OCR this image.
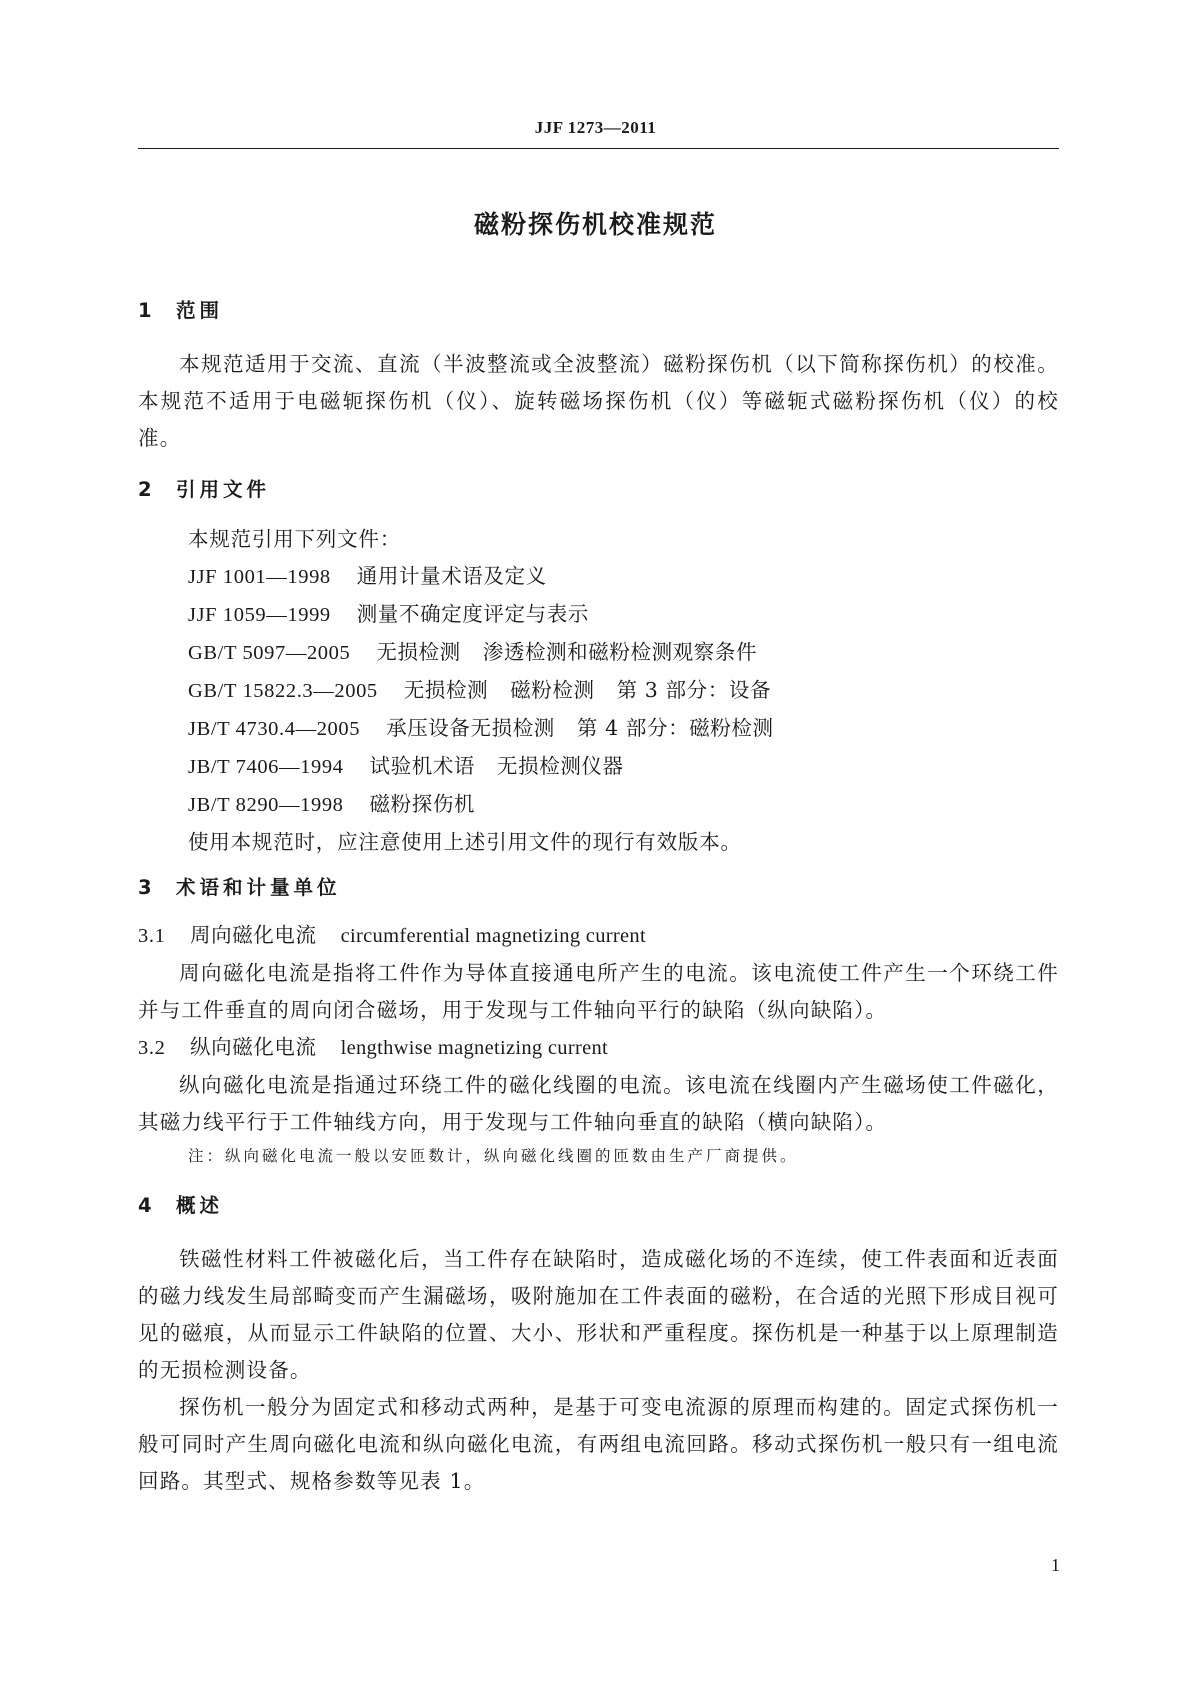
JJF 1273—2011
磁粉探伤机校准规范
1 范围

本规范适用于交流、直流（半波整流或全波整流）磁粉探伤机（以下简称探伤机）的校准。本规范不适用于电磁轭探伤机（仪）、旋转磁场探伤机（仪）等磁轭式磁粉探伤机（仪）的校准。

2 引用文件
本规范引用下列文件：
JJF 1001—1998 通用计量术语及定义
JJF 1059—1999 测量不确定度评定与表示
GB/T 5097—2005 无损检测 渗透检测和磁粉检测观察条件
GB/T 15822.3—2005 无损检测 磁粉检测 第 3 部分：设备
JB/T 4730.4—2005 承压设备无损检测 第 4 部分：磁粉检测
JB/T 7406—1994 试验机术语 无损检测仪器
JB/T 8290—1998 磁粉探伤机
使用本规范时，应注意使用上述引用文件的现行有效版本。
3 术语和计量单位
3.1 周向磁化电流 circumferential magnetizing current

周向磁化电流是指将工件作为导体直接通电所产生的电流。该电流使工件产生一个环绕工件并与工件垂直的周向闭合磁场，用于发现与工件轴向平行的缺陷（纵向缺陷）。

3.2 纵向磁化电流 lengthwise magnetizing current

纵向磁化电流是指通过环绕工件的磁化线圈的电流。该电流在线圈内产生磁场使工件磁化，其磁力线平行于工件轴线方向，用于发现与工件轴向垂直的缺陷（横向缺陷）。

注：纵向磁化电流一般以安匝数计，纵向磁化线圈的匝数由生产厂商提供。

4 概述

铁磁性材料工件被磁化后，当工件存在缺陷时，造成磁化场的不连续，使工件表面和近表面的磁力线发生局部畸变而产生漏磁场，吸附施加在工件表面的磁粉，在合适的光照下形成目视可见的磁痕，从而显示工件缺陷的位置、大小、形状和严重程度。探伤机是一种基于以上原理制造的无损检测设备。

探伤机一般分为固定式和移动式两种，是基于可变电流源的原理而构建的。固定式探伤机一般可同时产生周向磁化电流和纵向磁化电流，有两组电流回路。移动式探伤机一般只有一组电流回路。其型式、规格参数等见表 1。

1
